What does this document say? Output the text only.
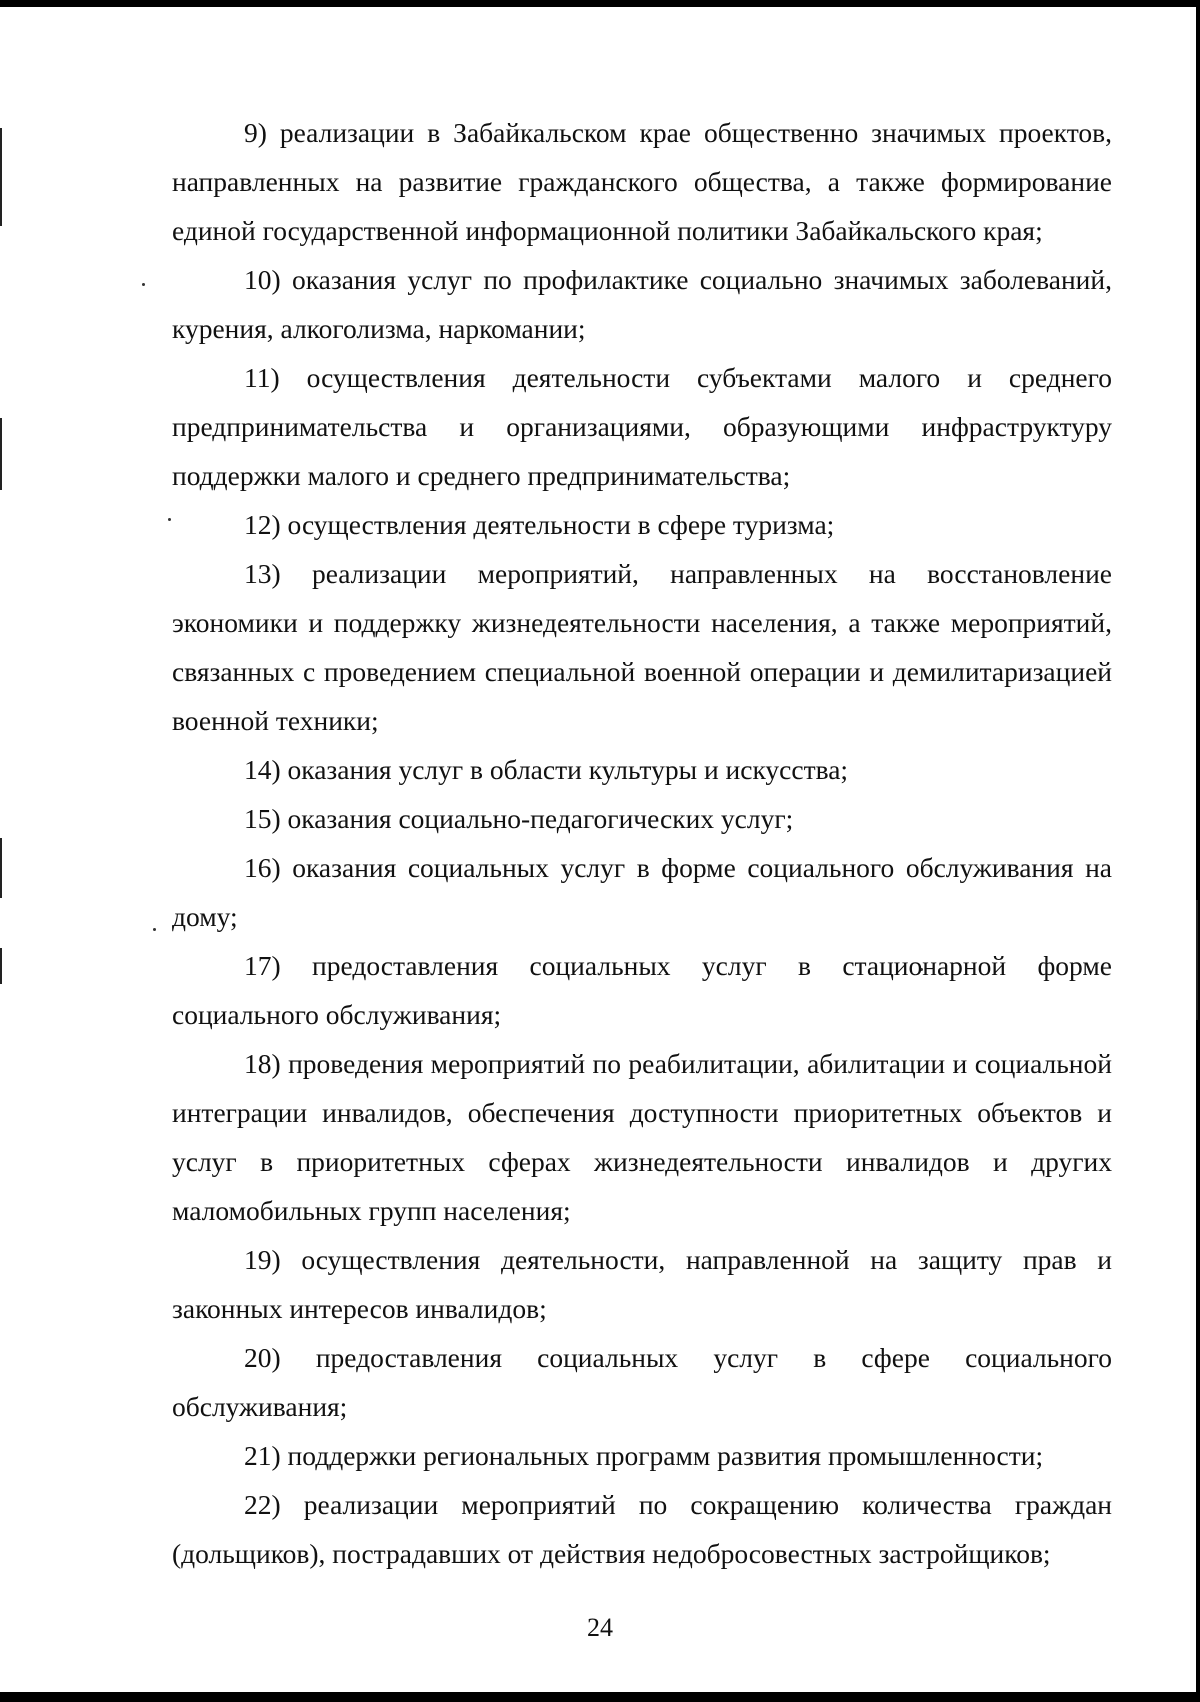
9) реализации в Забайкальском крае общественно значимых проектов, направленных на развитие гражданского общества, а также формирование единой государственной информационной политики Забайкальского края;

10) оказания услуг по профилактике социально значимых заболеваний, курения, алкоголизма, наркомании;

11) осуществления деятельности субъектами малого и среднего предпринимательства и организациями, образующими инфраструктуру поддержки малого и среднего предпринимательства;

12) осуществления деятельности в сфере туризма;

13) реализации мероприятий, направленных на восстановление экономики и поддержку жизнедеятельности населения, а также мероприятий, связанных с проведением специальной военной операции и демилитаризацией военной техники;

14) оказания услуг в области культуры и искусства;

15) оказания социально-педагогических услуг;

16) оказания социальных услуг в форме социального обслуживания на дому;

17) предоставления социальных услуг в стационарной форме социального обслуживания;

18) проведения мероприятий по реабилитации, абилитации и социальной интеграции инвалидов, обеспечения доступности приоритетных объектов и услуг в приоритетных сферах жизнедеятельности инвалидов и других маломобильных групп населения;

19) осуществления деятельности, направленной на защиту прав и законных интересов инвалидов;

20) предоставления социальных услуг в сфере социального обслуживания;

21) поддержки региональных программ развития промышленности;

22) реализации мероприятий по сокращению количества граждан (дольщиков), пострадавших от действия недобросовестных застройщиков;

24
